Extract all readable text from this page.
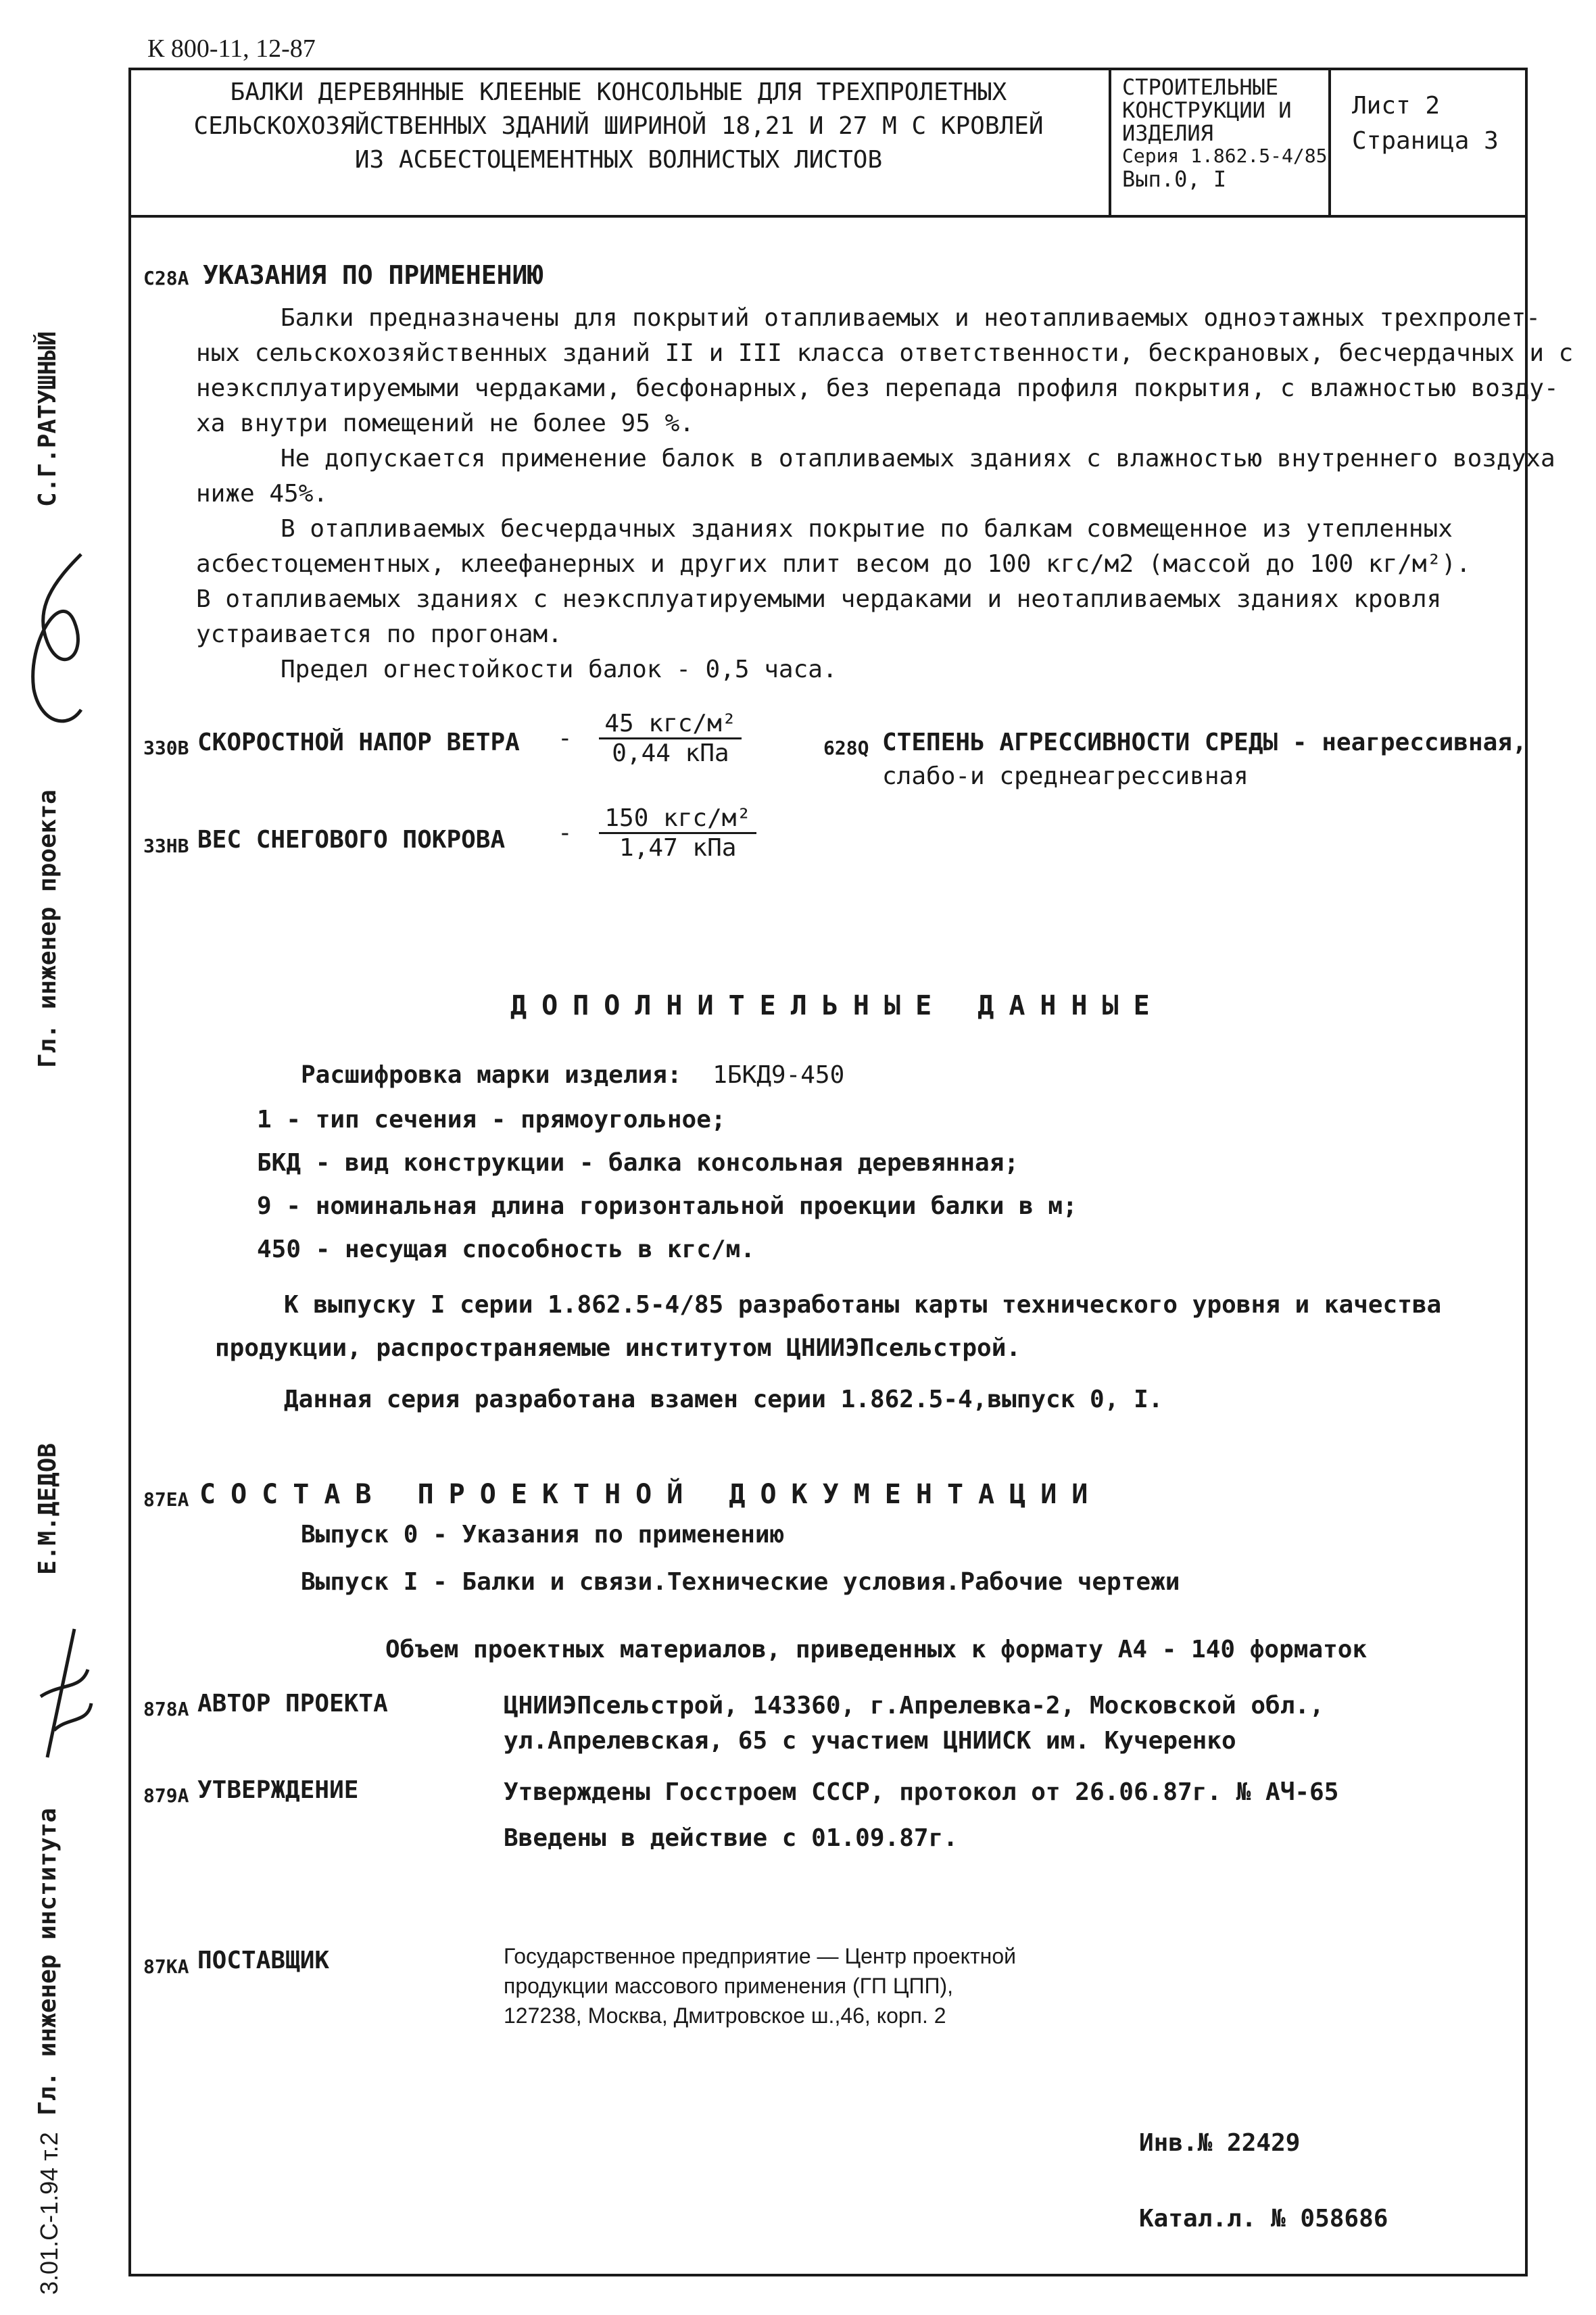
К 800-11, 12-87
БАЛКИ ДЕРЕВЯННЫЕ КЛЕЕНЫЕ КОНСОЛЬНЫЕ ДЛЯ ТРЕХПРОЛЕТНЫХ
СЕЛЬСКОХОЗЯЙСТВЕННЫХ ЗДАНИЙ ШИРИНОЙ 18,21 И 27 М С КРОВЛЕЙ
ИЗ АСБЕСТОЦЕМЕНТНЫХ ВОЛНИСТЫХ ЛИСТОВ
СТРОИТЕЛЬНЫЕ
КОНСТРУКЦИИ И
ИЗДЕЛИЯ
Серия 1.862.5-4/85
Вып.0, I
Лист 2
Страница 3
С.Г.РАТУШНЫЙ
Гл. инженер проекта
Е.М.ДЕДОВ
Гл. инженер института
3.01.С-1.94 т.2
С28А УКАЗАНИЯ ПО ПРИМЕНЕНИЮ
Балки предназначены для покрытий отапливаемых и неотапливаемых одноэтажных трехпролет-
ных сельскохозяйственных зданий II и III класса ответственности, бескрановых, бесчердачных и с
неэксплуатируемыми чердаками, бесфонарных, без перепада профиля покрытия, с влажностью возду-
ха внутри помещений не более 95 %.
Не допускается применение балок в отапливаемых зданиях с влажностью внутреннего воздуха
ниже 45%.
В отапливаемых бесчердачных зданиях покрытие по балкам совмещенное из утепленных
асбестоцементных, клеефанерных и других плит весом до 100 кгс/м2 (массой до 100 кг/м²).
В отапливаемых зданиях с неэксплуатируемыми чердаками и неотапливаемых зданиях кровля
устраивается по прогонам.
Предел огнестойкости балок - 0,5 часа.
330В СКОРОСТНОЙ НАПОР ВЕТРА - $\frac{\text{45 кгс/м²}}{\text{0,44 кПа}}$	628Q СТЕПЕНЬ АГРЕССИВНОСТИ СРЕДЫ - неагрессивная,
слабо-и среднеагрессивная
33НВ ВЕС СНЕГОВОГО ПОКРОВА - $\frac{\text{150 кгс/м²}}{\text{1,47 кПа}}$
ДОПОЛНИТЕЛЬНЫЕ ДАННЫЕ
Расшифровка марки изделия: 1БКД9-450
1 - тип сечения - прямоугольное;
БКД - вид конструкции - балка консольная деревянная;
9 - номинальная длина горизонтальной проекции балки в м;
450 - несущая способность в кгс/м.
К выпуску I серии 1.862.5-4/85 разработаны карты технического уровня и качества
продукции, распространяемые институтом ЦНИИЭПсельстрой.
Данная серия разработана взамен серии 1.862.5-4,выпуск 0, I.
87ЕА СОСТАВ ПРОЕКТНОЙ ДОКУМЕНТАЦИИ
Выпуск 0 - Указания по применению
Выпуск I - Балки и связи.Технические условия.Рабочие чертежи
Объем проектных материалов, приведенных к формату А4 - 140 форматок
878А АВТОР ПРОЕКТА	ЦНИИЭПсельстрой, 143360, г.Апрелевка-2, Московской обл.,
ул.Апрелевская, 65 с участием ЦНИИСК им. Кучеренко
879А УТВЕРЖДЕНИЕ	Утверждены Госстроем СССР, протокол от 26.06.87г. № АЧ-65
Введены в действие с 01.09.87г.
87КА ПОСТАВЩИК	Государственное предприятие — Центр проектной
продукции массового применения (ГП ЦПП),
127238, Москва, Дмитровское ш.,46, корп. 2
Инв.№ 22429
Катал.л. № 058686
